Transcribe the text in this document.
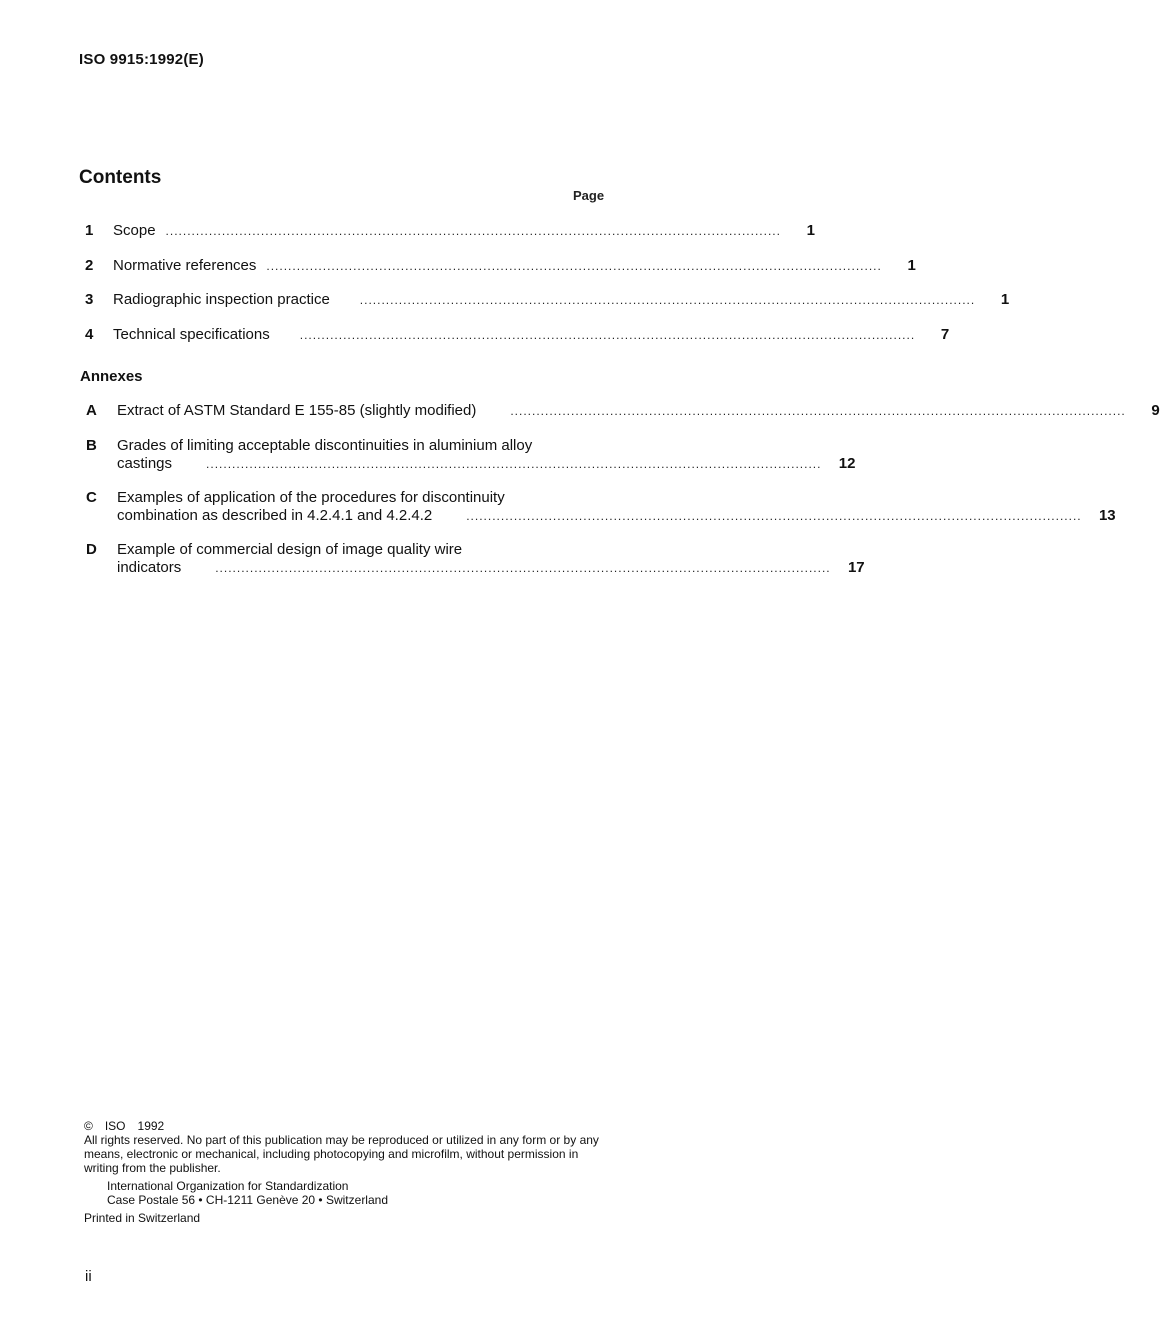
ISO 9915:1992(E)
Contents
Page
1 Scope ..............................................................................................................................................	1
2 Normative references ..............................................................................................................................................	1
3 Radiographic inspection practice	..............................................................................................................................................	1
4 Technical specifications	..............................................................................................................................................	7
Annexes
A Extract of ASTM Standard E 155-85 (slightly modified)	..............................................................................................................................................	9
B Grades of limiting acceptable discontinuities in aluminium alloy
castings	.............................................................................................................................................. 12
C Examples of application of the procedures for discontinuity
combination as described in 4.2.4.1 and 4.2.4.2	.............................................................................................................................................. 13
D Example of commercial design of image quality wire
indicators	.............................................................................................................................................. 17
© ISO 1992
All rights reserved. No part of this publication may be reproduced or utilized in any form or by any means, electronic or mechanical, including photocopying and microfilm, without permission in writing from the publisher.
International Organization for Standardization
Case Postale 56 • CH-1211 Genève 20 • Switzerland
Printed in Switzerland
ii
